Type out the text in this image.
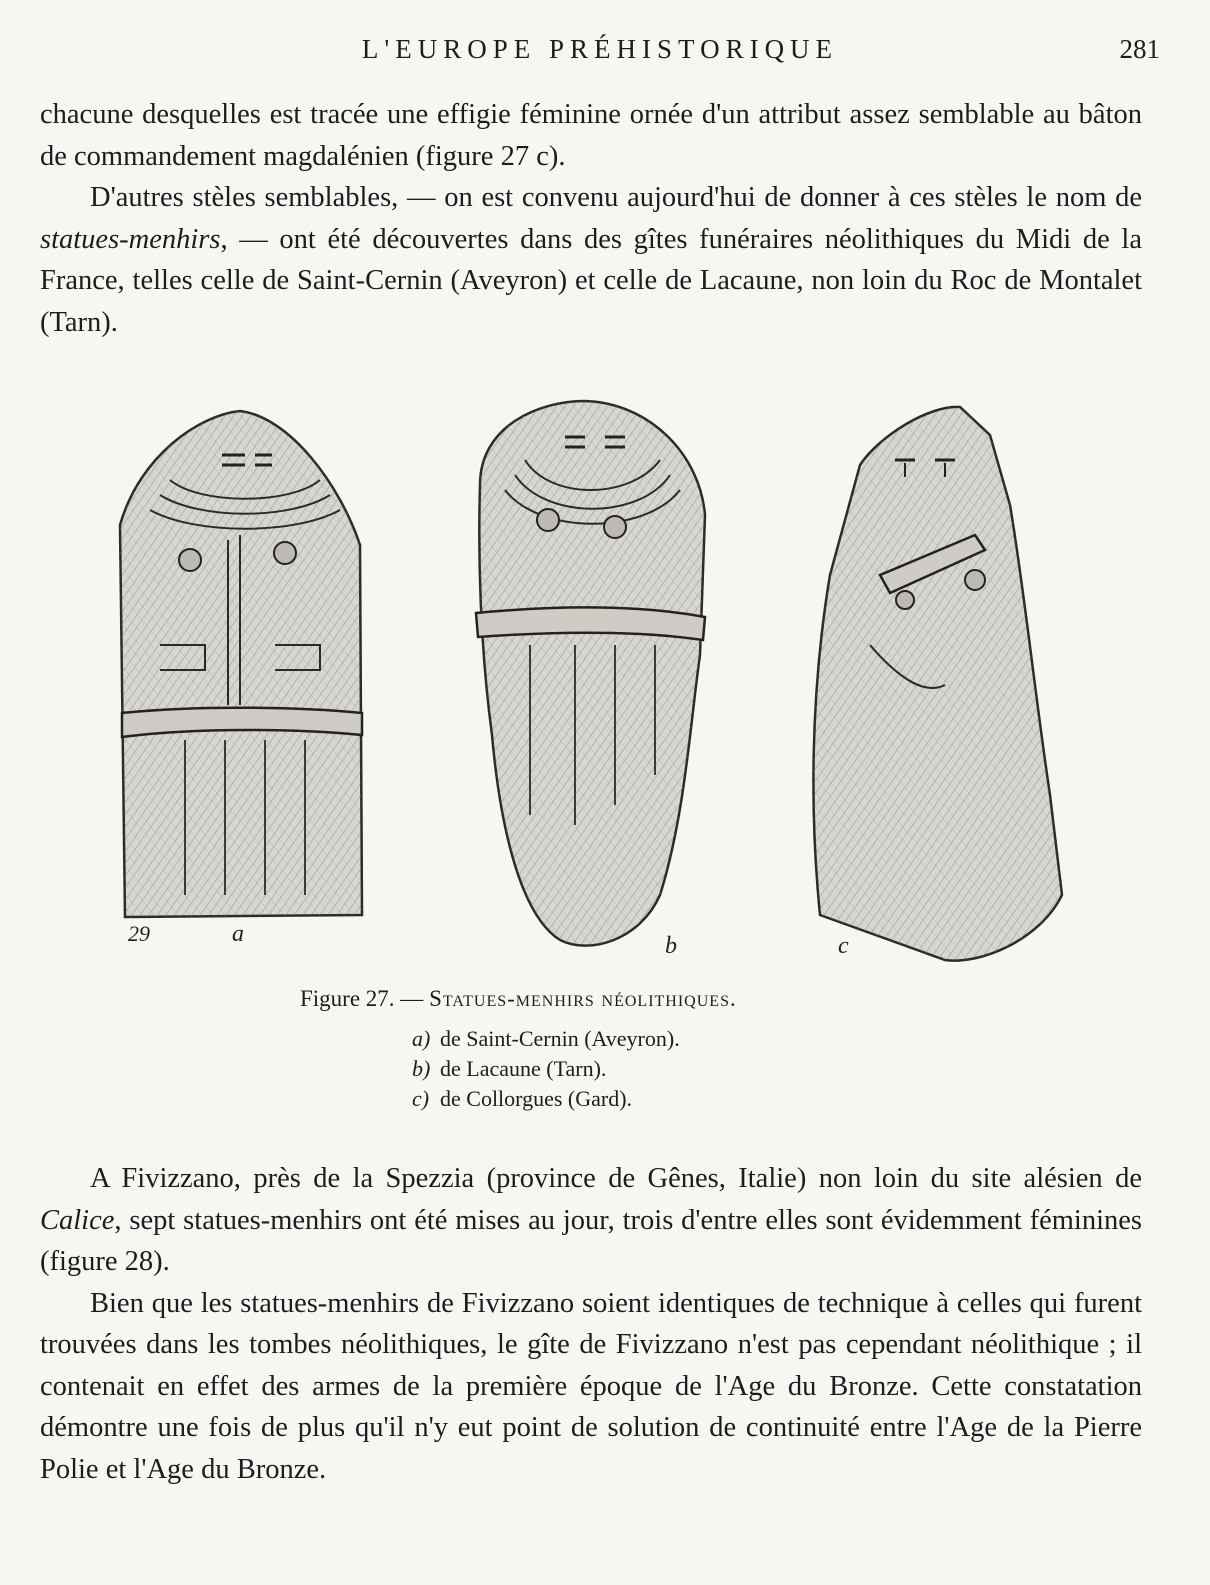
L'EUROPE PRÉHISTORIQUE	281

chacune desquelles est tracée une effigie féminine ornée d'un attribut assez semblable au bâton de commandement magdalénien (figure 27 c).

D'autres stèles semblables, — on est convenu aujourd'hui de donner à ces stèles le nom de statues-menhirs, — ont été découvertes dans des gîtes funéraires néolithiques du Midi de la France, telles celle de Saint-Cernin (Aveyron) et celle de Lacaune, non loin du Roc de Montalet (Tarn).

29	a	b	c
Figure 27. — Statues-menhirs néolithiques.
a) de Saint-Cernin (Aveyron).
b) de Lacaune (Tarn).
c) de Collorgues (Gard).

A Fivizzano, près de la Spezzia (province de Gênes, Italie) non loin du site alésien de Calice, sept statues-menhirs ont été mises au jour, trois d'entre elles sont évidemment féminines (figure 28).

Bien que les statues-menhirs de Fivizzano soient identiques de technique à celles qui furent trouvées dans les tombes néolithiques, le gîte de Fivizzano n'est pas cependant néolithique ; il contenait en effet des armes de la première époque de l'Age du Bronze. Cette constatation démontre une fois de plus qu'il n'y eut point de solution de continuité entre l'Age de la Pierre Polie et l'Age du Bronze.
